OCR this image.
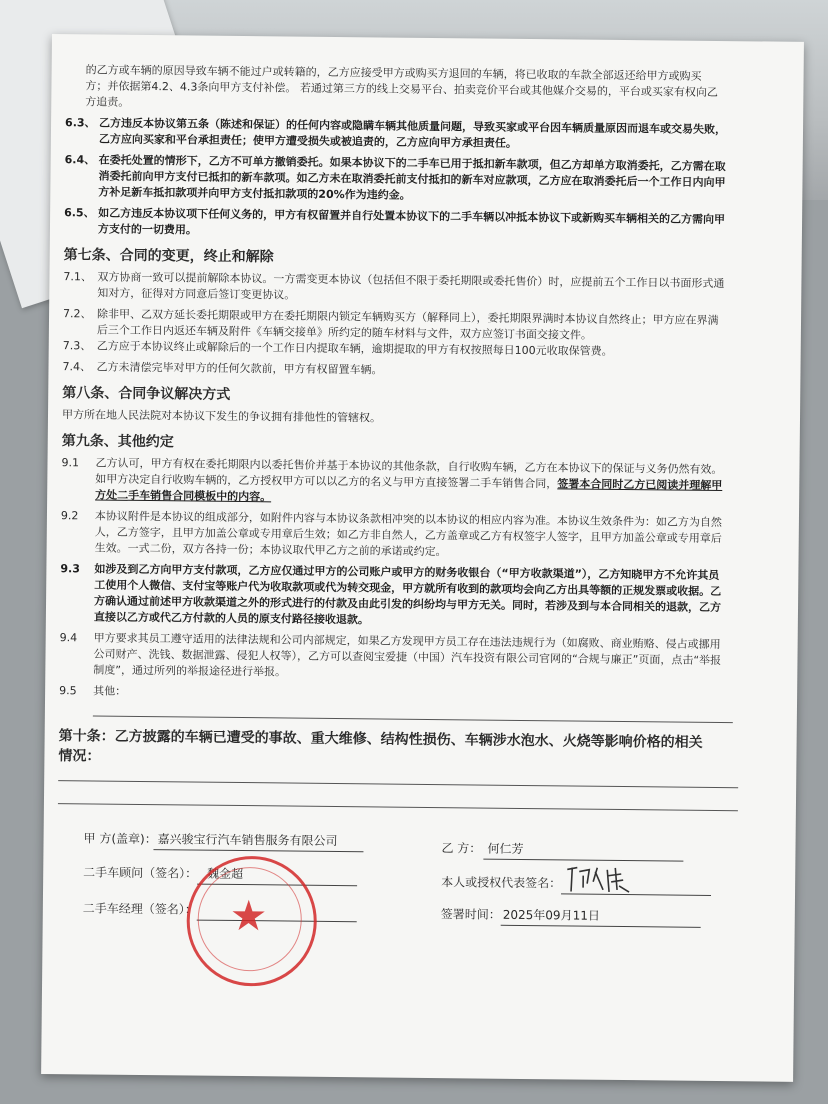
的乙方或车辆的原因导致车辆不能过户或转籍的，乙方应接受甲方或购买方退回的车辆，将已收取的车款全部返还给甲方或购买
方；并依据第4.2、4.3条向甲方支付补偿。 若通过第三方的线上交易平台、拍卖竞价平台或其他媒介交易的，平台或买家有权向乙
方追责。
6.3、 乙方违反本协议第五条（陈述和保证）的任何内容或隐瞒车辆其他质量问题，导致买家或平台因车辆质量原因而退车或交易失败，
乙方应向买家和平台承担责任；使甲方遭受损失或被追责的，乙方应向甲方承担责任。
6.4、 在委托处置的情形下，乙方不可单方撤销委托。如果本协议下的二手车已用于抵扣新车款项，但乙方却单方取消委托，乙方需在取
消委托前向甲方支付已抵扣的新车款项。如乙方未在取消委托前支付抵扣的新车对应款项，乙方应在取消委托后一个工作日内向甲
方补足新车抵扣款项并向甲方支付抵扣款项的20%作为违约金。
6.5、 如乙方违反本协议项下任何义务的，甲方有权留置并自行处置本协议下的二手车辆以冲抵本协议下或新购买车辆相关的乙方需向甲
方支付的一切费用。
第七条、合同的变更，终止和解除
7.1、 双方协商一致可以提前解除本协议。一方需变更本协议（包括但不限于委托期限或委托售价）时，应提前五个工作日以书面形式通
知对方，征得对方同意后签订变更协议。
7.2、 除非甲、乙双方延长委托期限或甲方在委托期限内锁定车辆购买方（解释同上），委托期限界满时本协议自然终止；甲方应在界满
后三个工作日内返还车辆及附件《车辆交接单》所约定的随车材料与文件，双方应签订书面交接文件。
7.3、 乙方应于本协议终止或解除后的一个工作日内提取车辆，逾期提取的甲方有权按照每日100元收取保管费。
7.4、 乙方未清偿完毕对甲方的任何欠款前，甲方有权留置车辆。
第八条、合同争议解决方式
甲方所在地人民法院对本协议下发生的争议拥有排他性的管辖权。
第九条、其他约定
9.1	乙方认可，甲方有权在委托期限内以委托售价并基于本协议的其他条款，自行收购车辆，乙方在本协议下的保证与义务仍然有效。
如甲方决定自行收购车辆的，乙方授权甲方可以以乙方的名义与甲方直接签署二手车销售合同，签署本合同时乙方已阅读并理解甲
方处二手车销售合同模板中的内容。
9.2	本协议附件是本协议的组成部分，如附件内容与本协议条款相冲突的以本协议的相应内容为准。本协议生效条件为：如乙方为自然
人，乙方签字，且甲方加盖公章或专用章后生效；如乙方非自然人，乙方盖章或乙方有权签字人签字，且甲方加盖公章或专用章后
生效。一式二份，双方各持一份；本协议取代甲乙方之前的承诺或约定。
9.3	如涉及到乙方向甲方支付款项，乙方应仅通过甲方的公司账户或甲方的财务收银台（“甲方收款渠道”），乙方知晓甲方不允许其员
工使用个人微信、支付宝等账户代为收取款项或代为转交现金，甲方就所有收到的款项均会向乙方出具等额的正规发票或收据。乙
方确认通过前述甲方收款渠道之外的形式进行的付款及由此引发的纠纷均与甲方无关。同时，若涉及到与本合同相关的退款，乙方
直接以乙方或代乙方付款的人员的原支付路径接收退款。
9.4	甲方要求其员工遵守适用的法律法规和公司内部规定，如果乙方发现甲方员工存在违法违规行为（如腐败、商业贿赂、侵占或挪用
公司财产、洗钱、数据泄露、侵犯人权等），乙方可以查阅宝爱捷（中国）汽车投资有限公司官网的“合规与廉正”页面，点击“举报
制度”，通过所列的举报途径进行举报。
9.5	其他：
第十条：乙方披露的车辆已遭受的事故、重大维修、结构性损伤、车辆涉水泡水、火烧等影响价格的相关
情况：
甲 方(盖章)： 嘉兴骏宝行汽车销售服务有限公司
二手车顾问（签名）： 魏金超
二手车经理（签名）：
乙 方： 何仁芳
本人或授权代表签名：
签署时间： 2025年09月11日
★
